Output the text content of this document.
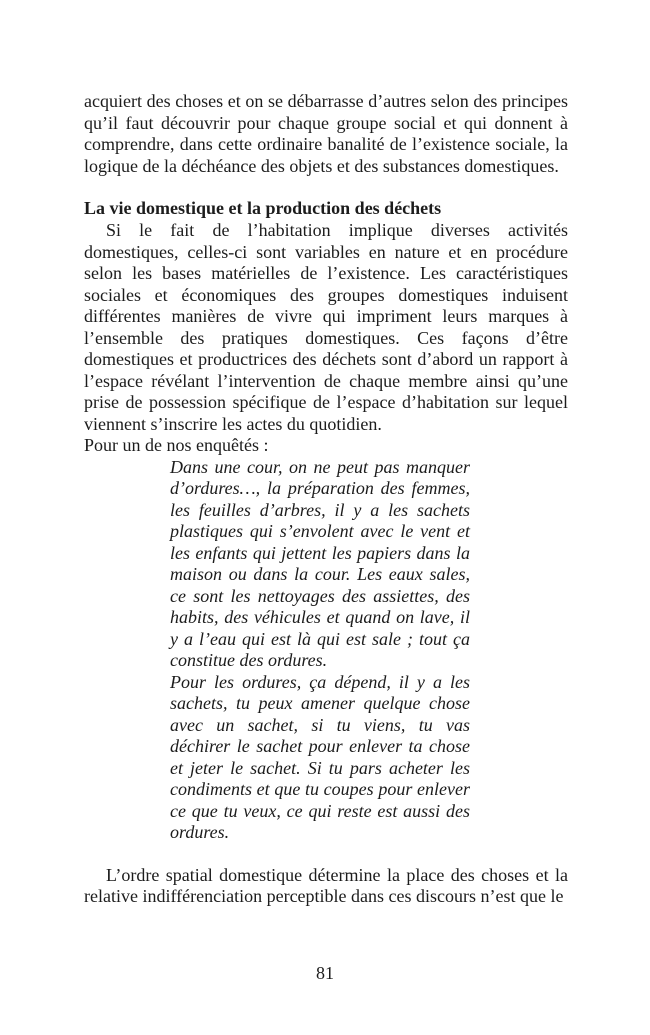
acquiert des choses et on se débarrasse d’autres selon des principes qu’il faut découvrir pour chaque groupe social et qui donnent à comprendre, dans cette ordinaire banalité de l’existence sociale, la logique de la déchéance des objets et des substances domestiques.

La vie domestique et la production des déchets

Si le fait de l’habitation implique diverses activités domestiques, celles-ci sont variables en nature et en procédure selon les bases matérielles de l’existence. Les caractéristiques sociales et économiques des groupes domestiques induisent différentes manières de vivre qui impriment leurs marques à l’ensemble des pratiques domestiques. Ces façons d’être domestiques et productrices des déchets sont d’abord un rapport à l’espace révélant l’intervention de chaque membre ainsi qu’une prise de possession spécifique de l’espace d’habitation sur lequel viennent s’inscrire les actes du quotidien.

Pour un de nos enquêtés :

Dans une cour, on ne peut pas manquer d’ordures…, la préparation des femmes, les feuilles d’arbres, il y a les sachets plastiques qui s’envolent avec le vent et les enfants qui jettent les papiers dans la maison ou dans la cour. Les eaux sales, ce sont les nettoyages des assiettes, des habits, des véhicules et quand on lave, il y a l’eau qui est là qui est sale ; tout ça constitue des ordures.

Pour les ordures, ça dépend, il y a les sachets, tu peux amener quelque chose avec un sachet, si tu viens, tu vas déchirer le sachet pour enlever ta chose et jeter le sachet. Si tu pars acheter les condiments et que tu coupes pour enlever ce que tu veux, ce qui reste est aussi des ordures.

L’ordre spatial domestique détermine la place des choses et la relative indifférenciation perceptible dans ces discours n’est que le

81
